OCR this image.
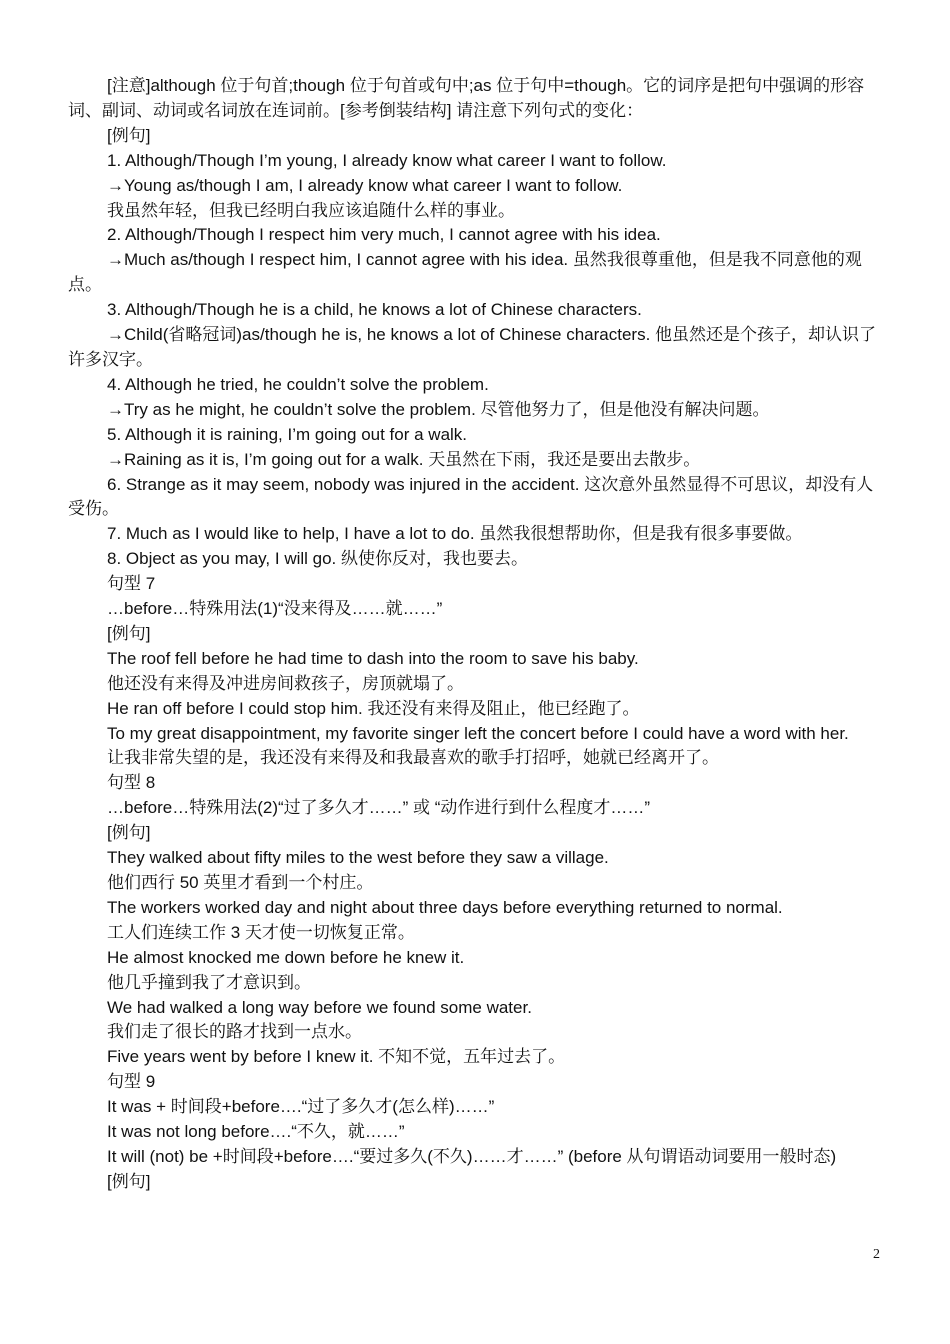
[注意]although 位于句首;though 位于句首或句中;as 位于句中=though。它的词序是把句中强调的形容词、副词、动词或名词放在连词前。[参考倒装结构] 请注意下列句式的变化：

[例句]

1. Although/Though I’m young, I already know what career I want to follow.

→Young as/though I am, I already know what career I want to follow.

我虽然年轻，但我已经明白我应该追随什么样的事业。

2. Although/Though I respect him very much, I cannot agree with his idea.

→Much as/though I respect him, I cannot agree with his idea. 虽然我很尊重他，但是我不同意他的观点。

3. Although/Though he is a child, he knows a lot of Chinese characters.

→Child(省略冠词)as/though he is, he knows a lot of Chinese characters. 他虽然还是个孩子，却认识了许多汉字。

4. Although he tried, he couldn’t solve the problem.

→Try as he might, he couldn’t solve the problem. 尽管他努力了，但是他没有解决问题。

5. Although it is raining, I’m going out for a walk.

→Raining as it is, I’m going out for a walk. 天虽然在下雨，我还是要出去散步。

6. Strange as it may seem, nobody was injured in the accident. 这次意外虽然显得不可思议，却没有人受伤。

7. Much as I would like to help, I have a lot to do. 虽然我很想帮助你，但是我有很多事要做。

8. Object as you may, I will go. 纵使你反对，我也要去。

句型 7

…before…特殊用法(1)“没来得及……就……”

[例句]

The roof fell before he had time to dash into the room to save his baby.

他还没有来得及冲进房间救孩子，房顶就塌了。

He ran off before I could stop him. 我还没有来得及阻止，他已经跑了。

To my great disappointment, my favorite singer left the concert before I could have a word with her.

让我非常失望的是，我还没有来得及和我最喜欢的歌手打招呼，她就已经离开了。

句型 8

…before…特殊用法(2)“过了多久才……” 或 “动作进行到什么程度才……”

[例句]

They walked about fifty miles to the west before they saw a village.

他们西行 50 英里才看到一个村庄。

The workers worked day and night about three days before everything returned to normal.

工人们连续工作 3 天才使一切恢复正常。

He almost knocked me down before he knew it.

他几乎撞到我了才意识到。

We had walked a long way before we found some water.

我们走了很长的路才找到一点水。

Five years went by before I knew it. 不知不觉，五年过去了。

句型 9

It was + 时间段+before….“过了多久才(怎么样)……”

It was not long before….“不久，就……”

It will (not) be +时间段+before….“要过多久(不久)……才……” (before 从句谓语动词要用一般时态)

[例句]

2
